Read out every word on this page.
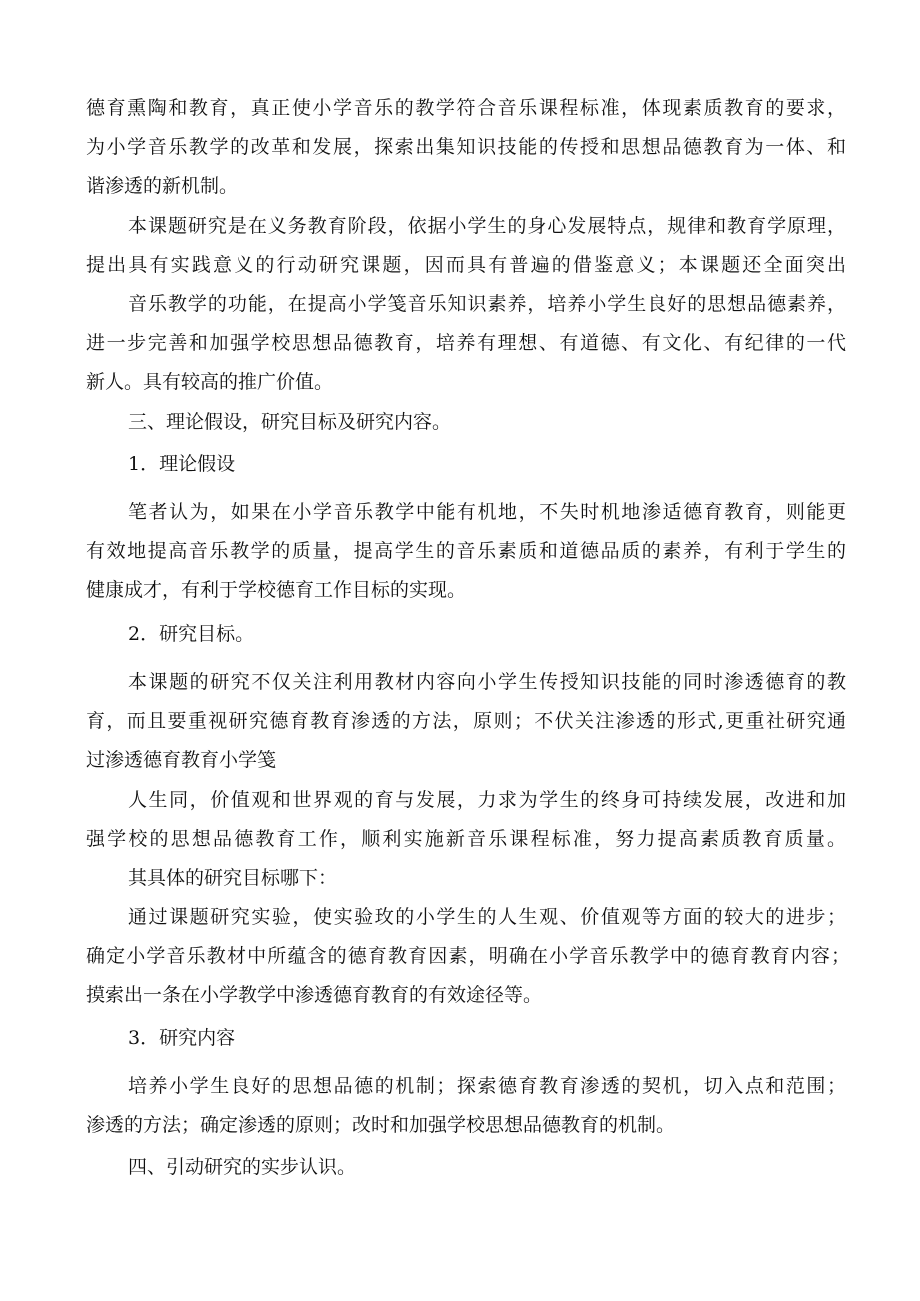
德育熏陶和教育，真正使小学音乐的教学符合音乐课程标准，体现素质教育的要求，
为小学音乐教学的改革和发展，探索出集知识技能的传授和思想品德教育为一体、和
谐渗透的新机制。
本课题研究是在义务教育阶段，依据小学生的身心发展特点，规律和教育学原理，
提出具有实践意义的行动研究课题，因而具有普遍的借鉴意义；本课题还全面突出
音乐教学的功能，在提高小学笺音乐知识素养，培养小学生良好的思想品德素养，
进一步完善和加强学校思想品德教育，培养有理想、有道德、有文化、有纪律的一代
新人。具有较高的推广价值。
三、理论假设，研究目标及研究内容。
1．理论假设
笔者认为，如果在小学音乐教学中能有机地，不失时机地渗适德育教育，则能更
有效地提高音乐教学的质量，提高学生的音乐素质和道德品质的素养，有利于学生的
健康成才，有利于学校德育工作目标的实现。
2．研究目标。
本课题的研究不仅关注利用教材内容向小学生传授知识技能的同时渗透德育的教
育，而且要重视研究德育教育渗透的方法，原则；不伏关注渗透的形式,更重社研究通
过渗透德育教育小学笺
人生同，价值观和世界观的育与发展，力求为学生的终身可持续发展，改进和加
强学校的思想品德教育工作，顺利实施新音乐课程标准，努力提高素质教育质量。
其具体的研究目标哪下：
通过课题研究实验，使实验玫的小学生的人生观、价值观等方面的较大的进步；
确定小学音乐教材中所蕴含的德育教育因素，明确在小学音乐教学中的德育教育内容；
摸索出一条在小学教学中渗透德育教育的有效途径等。
3．研究内容
培养小学生良好的思想品德的机制；探索德育教育渗透的契机，切入点和范围；
渗透的方法；确定渗透的原则；改时和加强学校思想品德教育的机制。
四、引动研究的实步认识。
